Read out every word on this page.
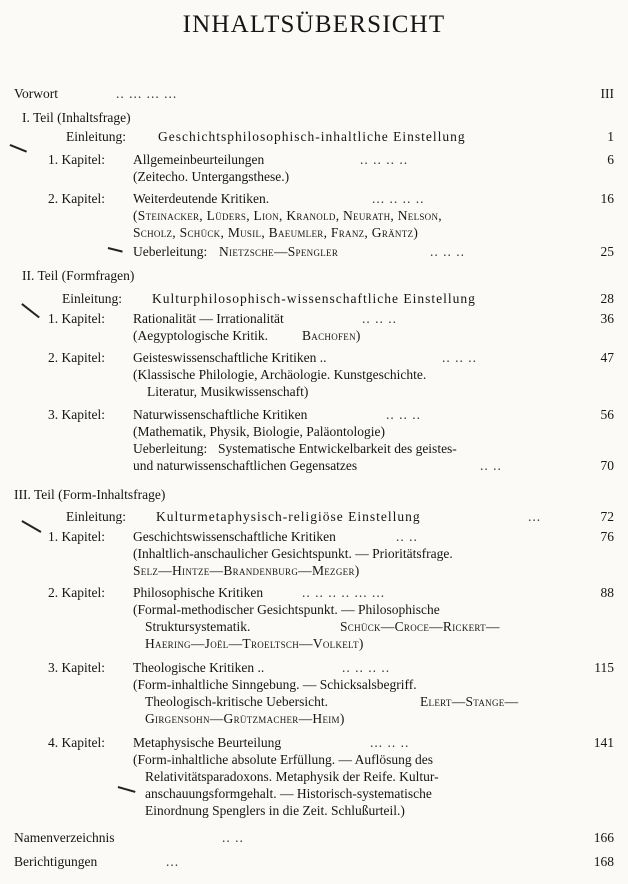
INHALTSÜBERSICHT
Vorwort	.. ... ... ...	III
I. Teil (Inhaltsfrage)
Einleitung: Geschichtsphilosophisch-inhaltliche Einstellung	1
1. Kapitel: Allgemeinbeurteilungen	.. .. .. ..	6
(Zeitecho. Untergangsthese.)
2. Kapitel: Weiterdeutende Kritiken.	... .. .. ..	16
(Steinacker, Lüders, Lion, Kranold, Neurath, Nelson,
Scholz, Schück, Musil, Baeumler, Franz, Gräntz)
Ueberleitung: Nietzsche—Spengler	.. .. ..	25
II. Teil (Formfragen)
Einleitung: Kulturphilosophisch-wissenschaftliche Einstellung	28
1. Kapitel: Rationalität — Irrationalität	.. .. ..	36
(Aegyptologische Kritik.	Bachofen)
2. Kapitel: Geisteswissenschaftliche Kritiken ..	.. .. ..	47
(Klassische Philologie, Archäologie. Kunstgeschichte.
Literatur, Musikwissenschaft)
3. Kapitel: Naturwissenschaftliche Kritiken	.. .. ..	56
(Mathematik, Physik, Biologie, Paläontologie)
Ueberleitung: Systematische Entwickelbarkeit des geistes-
und naturwissenschaftlichen Gegensatzes	.. ..	70
III. Teil (Form-Inhaltsfrage)
Einleitung: Kulturmetaphysisch-religiöse Einstellung	...	72
1. Kapitel: Geschichtswissenschaftliche Kritiken	.. ..	76
(Inhaltlich-anschaulicher Gesichtspunkt. — Prioritätsfrage.
Selz—Hintze—Brandenburg—Mezger)
2. Kapitel: Philosophische Kritiken	.. .. .. .. ... ...	88
(Formal-methodischer Gesichtspunkt. — Philosophische
Struktursystematik.	Schück—Croce—Rickert—
Haering—Joël—Troeltsch—Volkelt)
3. Kapitel: Theologische Kritiken ..	.. .. .. ..	115
(Form-inhaltliche Sinngebung. — Schicksalsbegriff.
Theologisch-kritische Uebersicht.	Elert—Stange—
Girgensohn—Grützmacher—Heim)
4. Kapitel: Metaphysische Beurteilung	... .. ..	141
(Form-inhaltliche absolute Erfüllung. — Auflösung des
Relativitätsparadoxons. Metaphysik der Reife. Kultur-
anschauungsformgehalt. — Historisch-systematische
Einordnung Spenglers in die Zeit. Schlußurteil.)
Namenverzeichnis	.. ..	166
Berichtigungen	...	168
